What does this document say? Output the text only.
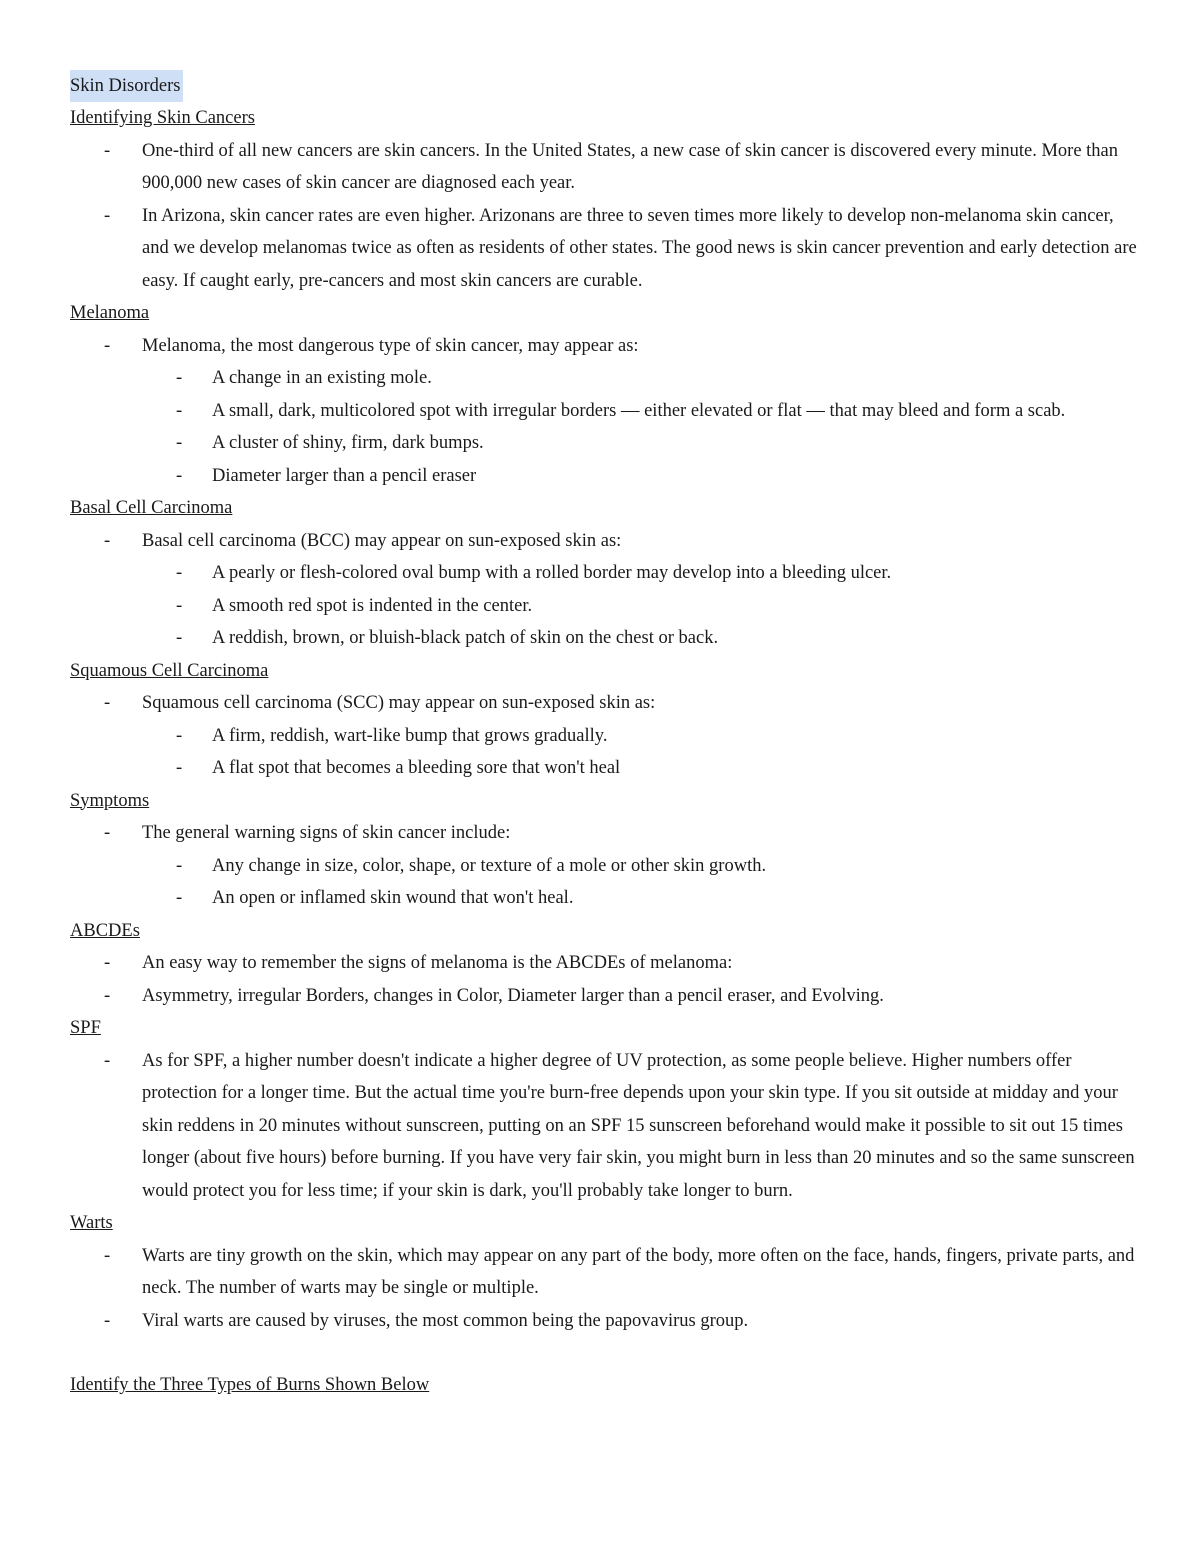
Skin Disorders
Identifying Skin Cancers
- One-third of all new cancers are skin cancers. In the United States, a new case of skin cancer is discovered every minute. More than 900,000 new cases of skin cancer are diagnosed each year.
- In Arizona, skin cancer rates are even higher. Arizonans are three to seven times more likely to develop non-melanoma skin cancer, and we develop melanomas twice as often as residents of other states. The good news is skin cancer prevention and early detection are easy. If caught early, pre-cancers and most skin cancers are curable.
Melanoma
- Melanoma, the most dangerous type of skin cancer, may appear as:
- A change in an existing mole.
- A small, dark, multicolored spot with irregular borders — either elevated or flat — that may bleed and form a scab.
- A cluster of shiny, firm, dark bumps.
- Diameter larger than a pencil eraser
Basal Cell Carcinoma
- Basal cell carcinoma (BCC) may appear on sun-exposed skin as:
- A pearly or flesh-colored oval bump with a rolled border may develop into a bleeding ulcer.
- A smooth red spot is indented in the center.
- A reddish, brown, or bluish-black patch of skin on the chest or back.
Squamous Cell Carcinoma
- Squamous cell carcinoma (SCC) may appear on sun-exposed skin as:
- A firm, reddish, wart-like bump that grows gradually.
- A flat spot that becomes a bleeding sore that won't heal
Symptoms
- The general warning signs of skin cancer include:
- Any change in size, color, shape, or texture of a mole or other skin growth.
- An open or inflamed skin wound that won't heal.
ABCDEs
- An easy way to remember the signs of melanoma is the ABCDEs of melanoma:
- Asymmetry, irregular Borders, changes in Color, Diameter larger than a pencil eraser, and Evolving.
SPF
- As for SPF, a higher number doesn't indicate a higher degree of UV protection, as some people believe. Higher numbers offer protection for a longer time. But the actual time you're burn-free depends upon your skin type. If you sit outside at midday and your skin reddens in 20 minutes without sunscreen, putting on an SPF 15 sunscreen beforehand would make it possible to sit out 15 times longer (about five hours) before burning. If you have very fair skin, you might burn in less than 20 minutes and so the same sunscreen would protect you for less time; if your skin is dark, you'll probably take longer to burn.
Warts
- Warts are tiny growth on the skin, which may appear on any part of the body, more often on the face, hands, fingers, private parts, and neck. The number of warts may be single or multiple.
- Viral warts are caused by viruses, the most common being the papovavirus group.
Identify the Three Types of Burns Shown Below
